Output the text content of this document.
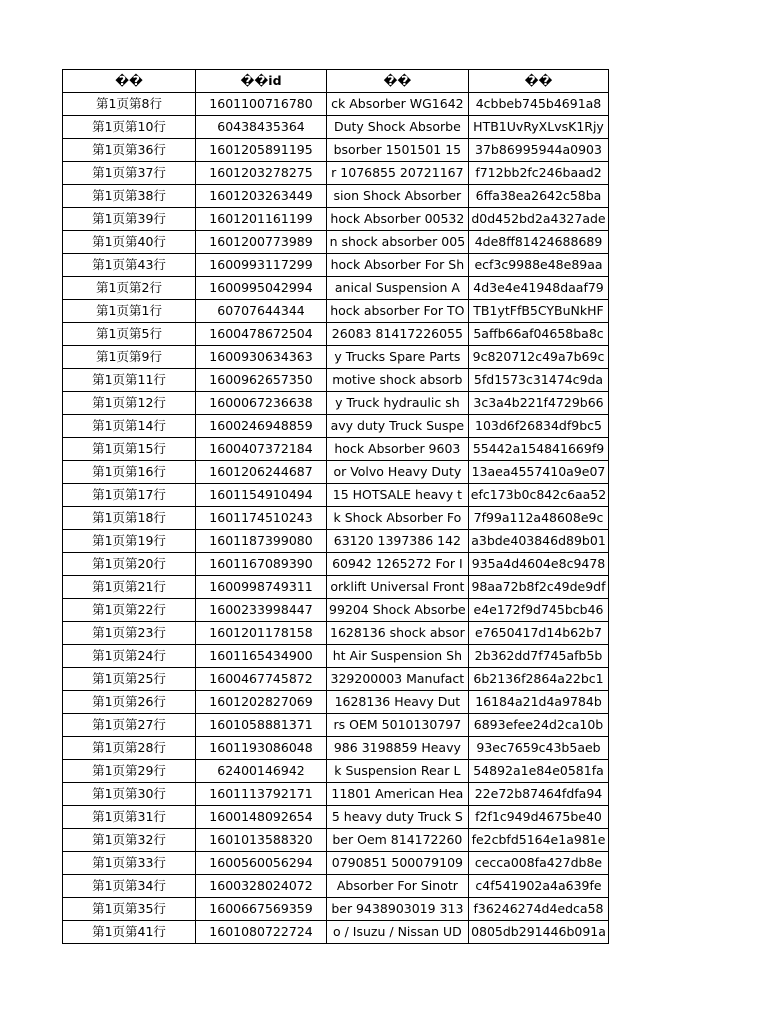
��	��id	��	��
第1页第8行	1601100716780	ck Absorber WG1642	4cbbeb745b4691a8
第1页第10行	60438435364	Duty Shock Absorbe	HTB1UvRyXLvsK1Rjy
第1页第36行	1601205891195	bsorber 1501501 15	37b86995944a0903
第1页第37行	1601203278275	r 1076855 20721167	f712bb2fc246baad2
第1页第38行	1601203263449	sion Shock Absorber	6ffa38ea2642c58ba
第1页第39行	1601201161199	hock Absorber 00532	d0d452bd2a4327ade
第1页第40行	1601200773989	n shock absorber 005	4de8ff81424688689
第1页第43行	1600993117299	hock Absorber For Sh	ecf3c9988e48e89aa
第1页第2行	1600995042994	anical Suspension A	4d3e4e41948daaf79
第1页第1行	60707644344	hock absorber For TO	TB1ytFfB5CYBuNkHF
第1页第5行	1600478672504	26083 81417226055	5affb66af04658ba8c
第1页第9行	1600930634363	y Trucks Spare Parts	9c820712c49a7b69c
第1页第11行	1600962657350	motive shock absorb	5fd1573c31474c9da
第1页第12行	1600067236638	y Truck hydraulic sh	3c3a4b221f4729b66
第1页第14行	1600246948859	avy duty Truck Suspe	103d6f26834df9bc5
第1页第15行	1600407372184	hock Absorber 9603	55442a154841669f9
第1页第16行	1601206244687	or Volvo Heavy Duty	13aea4557410a9e07
第1页第17行	1601154910494	15 HOTSALE heavy t	efc173b0c842c6aa52
第1页第18行	1601174510243	k Shock Absorber Fo	7f99a112a48608e9c
第1页第19行	1601187399080	63120 1397386 142	a3bde403846d89b01
第1页第20行	1601167089390	60942 1265272 For I	935a4d4604e8c9478
第1页第21行	1600998749311	orklift Universal Front	98aa72b8f2c49de9df
第1页第22行	1600233998447	99204 Shock Absorbe	e4e172f9d745bcb46
第1页第23行	1601201178158	1628136 shock absor	e7650417d14b62b7
第1页第24行	1601165434900	ht Air Suspension Sh	2b362dd7f745afb5b
第1页第25行	1600467745872	329200003 Manufact	6b2136f2864a22bc1
第1页第26行	1601202827069	1628136 Heavy Dut	16184a21d4a9784b
第1页第27行	1601058881371	rs OEM 5010130797	6893efee24d2ca10b
第1页第28行	1601193086048	986 3198859 Heavy	93ec7659c43b5aeb
第1页第29行	62400146942	k Suspension Rear L	54892a1e84e0581fa
第1页第30行	1601113792171	11801 American Hea	22e72b87464fdfa94
第1页第31行	1600148092654	5 heavy duty Truck S	f2f1c949d4675be40
第1页第32行	1601013588320	ber Oem 814172260	fe2cbfd5164e1a981e
第1页第33行	1600560056294	0790851 500079109	cecca008fa427db8e
第1页第34行	1600328024072	Absorber For Sinotr	c4f541902a4a639fe
第1页第35行	1600667569359	ber 9438903019 313	f36246274d4edca58
第1页第41行	1601080722724	o / Isuzu / Nissan UD	0805db291446b091a
